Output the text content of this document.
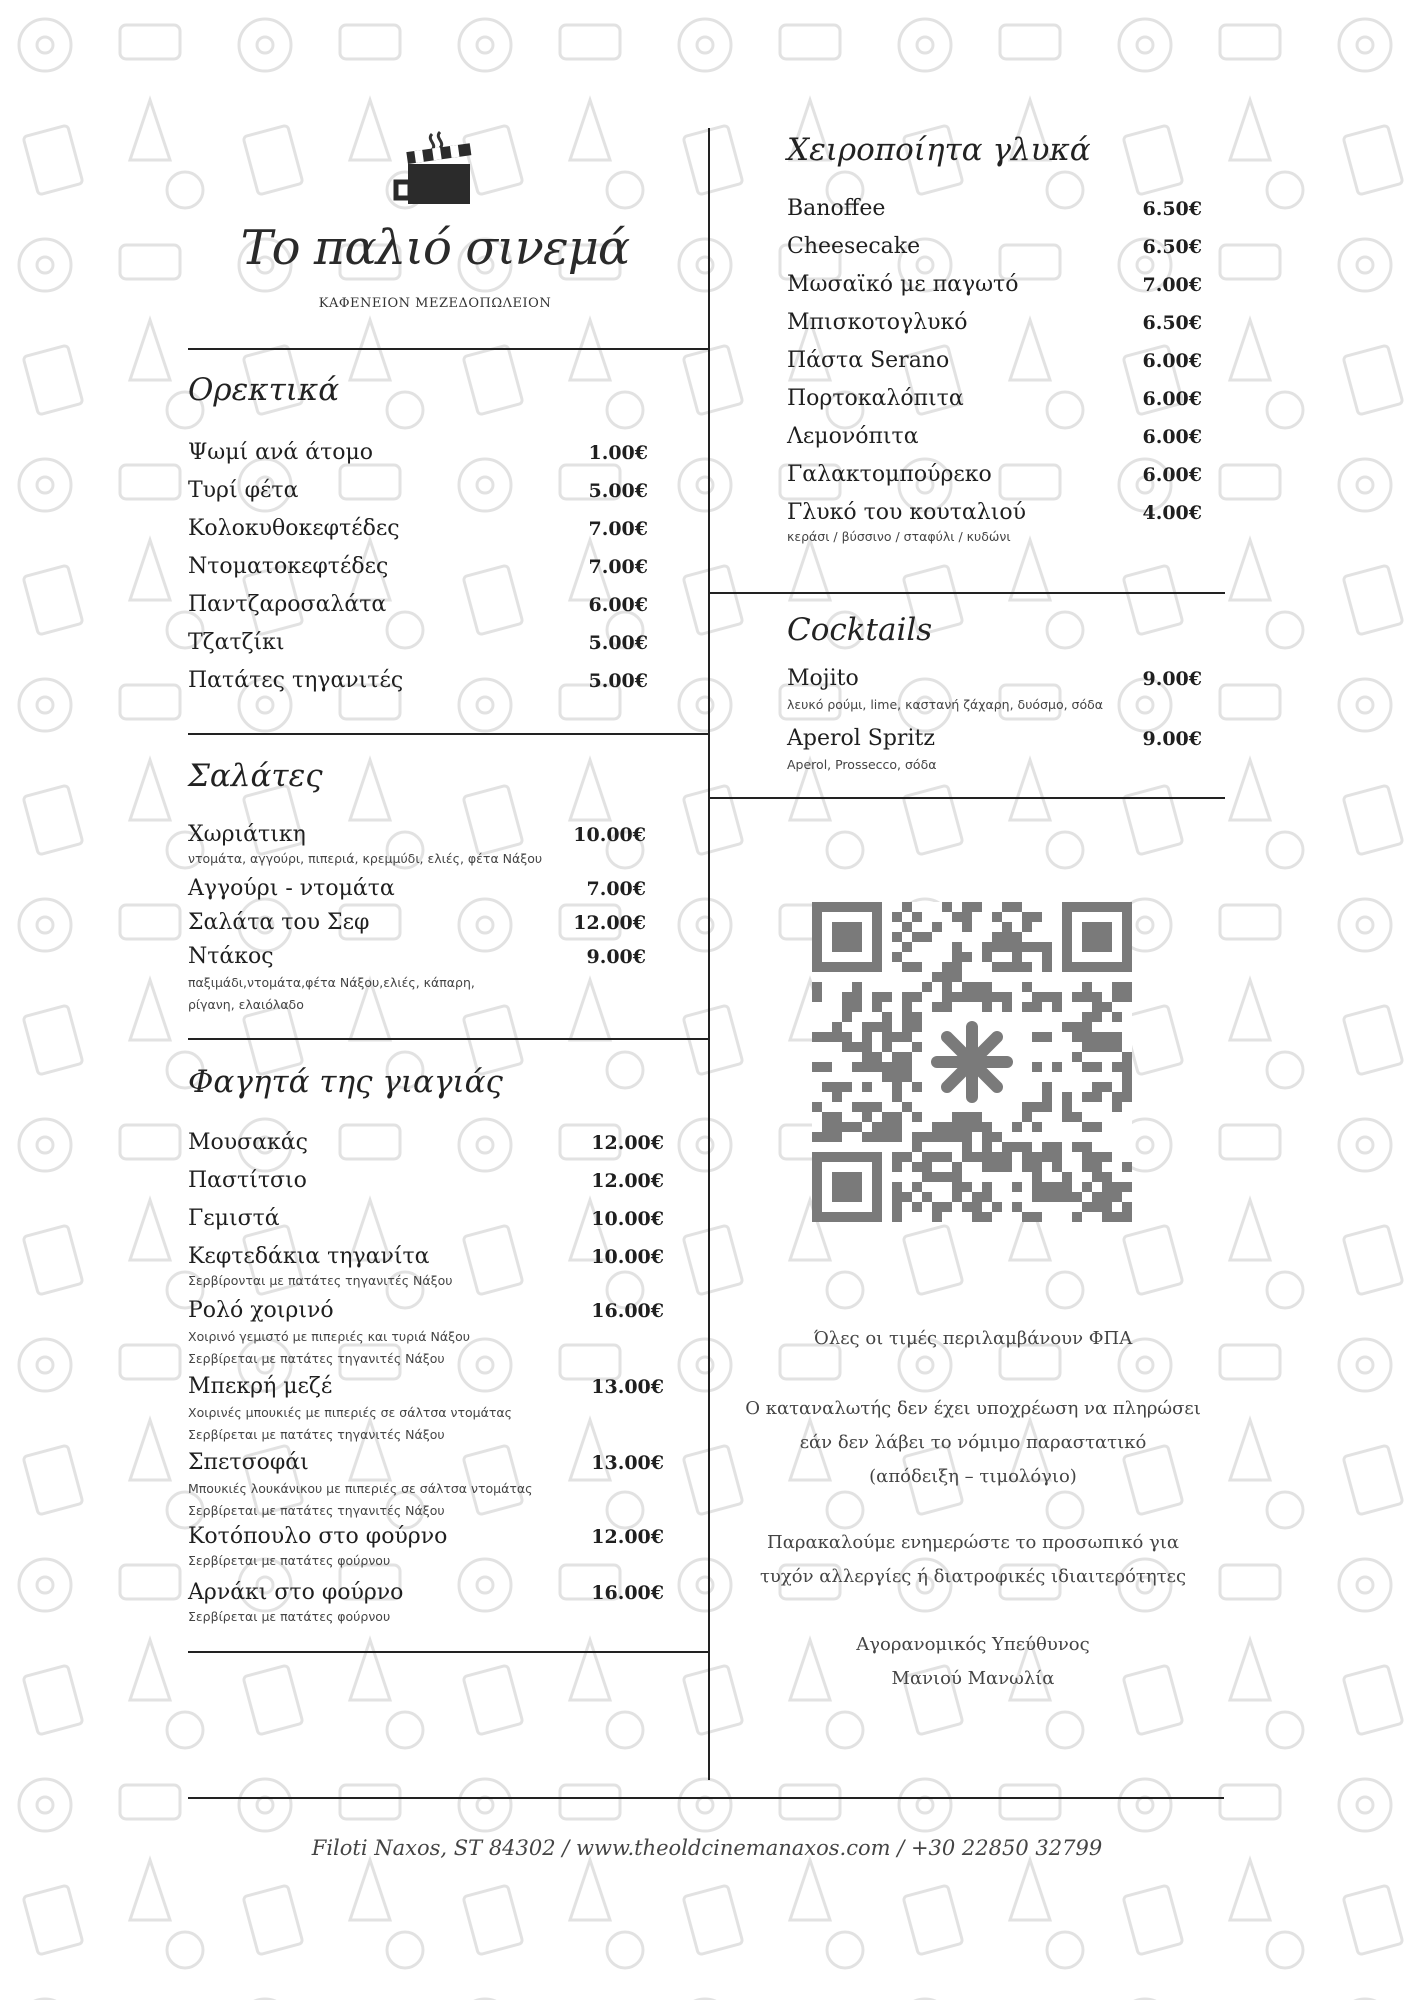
Το παλιό σινεμά
ΚΑΦΕΝΕΙΟΝ ΜΕΖΕΔΟΠΩΛΕΙΟΝ
Ορεκτικά
Ψωμί ανά άτομο	1.00€
Τυρί φέτα	5.00€
Κολοκυθοκεφτέδες	7.00€
Ντοματοκεφτέδες	7.00€
Παντζαροσαλάτα	6.00€
Τζατζίκι	5.00€
Πατάτες τηγανιτές	5.00€
Σαλάτες
Χωριάτικη	10.00€
ντομάτα, αγγούρι, πιπεριά, κρεμμύδι, ελιές, φέτα Νάξου
Αγγούρι - ντομάτα	7.00€
Σαλάτα του Σεφ	12.00€
Ντάκος	9.00€
παξιμάδι,ντομάτα,φέτα Νάξου,ελιές, κάπαρη,
ρίγανη, ελαιόλαδο
Φαγητά της γιαγιάς
Μουσακάς	12.00€
Παστίτσιο	12.00€
Γεμιστά	10.00€
Κεφτεδάκια τηγανίτα	10.00€
Σερβίρονται με πατάτες τηγανιτές Νάξου
Ρολό χοιρινό	16.00€
Χοιρινό γεμιστό με πιπεριές και τυριά Νάξου
Σερβίρεται με πατάτες τηγανιτές Νάξου
Μπεκρή μεζέ	13.00€
Χοιρινές μπουκιές με πιπεριές σε σάλτσα ντομάτας
Σερβίρεται με πατάτες τηγανιτές Νάξου
Σπετσοφάι	13.00€
Μπουκιές λουκάνικου με πιπεριές σε σάλτσα ντομάτας
Σερβίρεται με πατάτες τηγανιτές Νάξου
Κοτόπουλο στο φούρνο	12.00€
Σερβίρεται με πατάτες φούρνου
Αρνάκι στο φούρνο	16.00€
Σερβίρεται με πατάτες φούρνου
Χειροποίητα γλυκά
Banoffee	6.50€
Cheesecake	6.50€
Μωσαϊκό με παγωτό	7.00€
Μπισκοτογλυκό	6.50€
Πάστα Serano	6.00€
Πορτοκαλόπιτα	6.00€
Λεμονόπιτα	6.00€
Γαλακτομπούρεκο	6.00€
Γλυκό του κουταλιού	4.00€
κεράσι / βύσσινο / σταφύλι / κυδώνι
Cocktails
Mojito	9.00€
λευκό ρούμι, lime, καστανή ζάχαρη, δυόσμο, σόδα
Aperol Spritz	9.00€
Aperol, Prossecco, σόδα
Όλες οι τιμές περιλαμβάνουν ΦΠΑ
Ο καταναλωτής δεν έχει υποχρέωση να πληρώσει
εάν δεν λάβει το νόμιμο παραστατικό
(απόδειξη – τιμολόγιο)
Παρακαλούμε ενημερώστε το προσωπικό για
τυχόν αλλεργίες ή διατροφικές ιδιαιτερότητες
Αγορανομικός Υπεύθυνος
Μανιού Μανωλία
Filoti Naxos, ST 84302 / www.theoldcinemanaxos.com / +30 22850 32799
